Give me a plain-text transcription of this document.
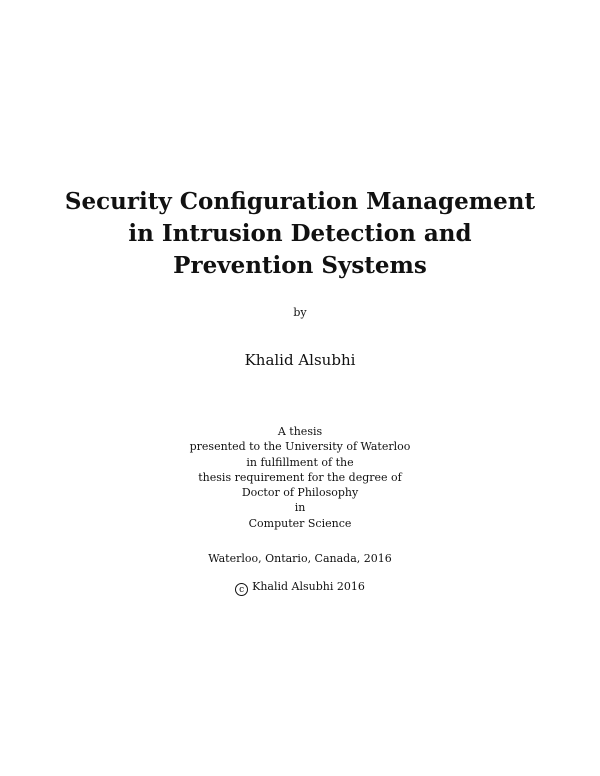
Security Configuration Management
in Intrusion Detection and
Prevention Systems
by
Khalid Alsubhi
A thesis
presented to the University of Waterloo
in fulfillment of the
thesis requirement for the degree of
Doctor of Philosophy
in
Computer Science
Waterloo, Ontario, Canada, 2016
c Khalid Alsubhi 2016
